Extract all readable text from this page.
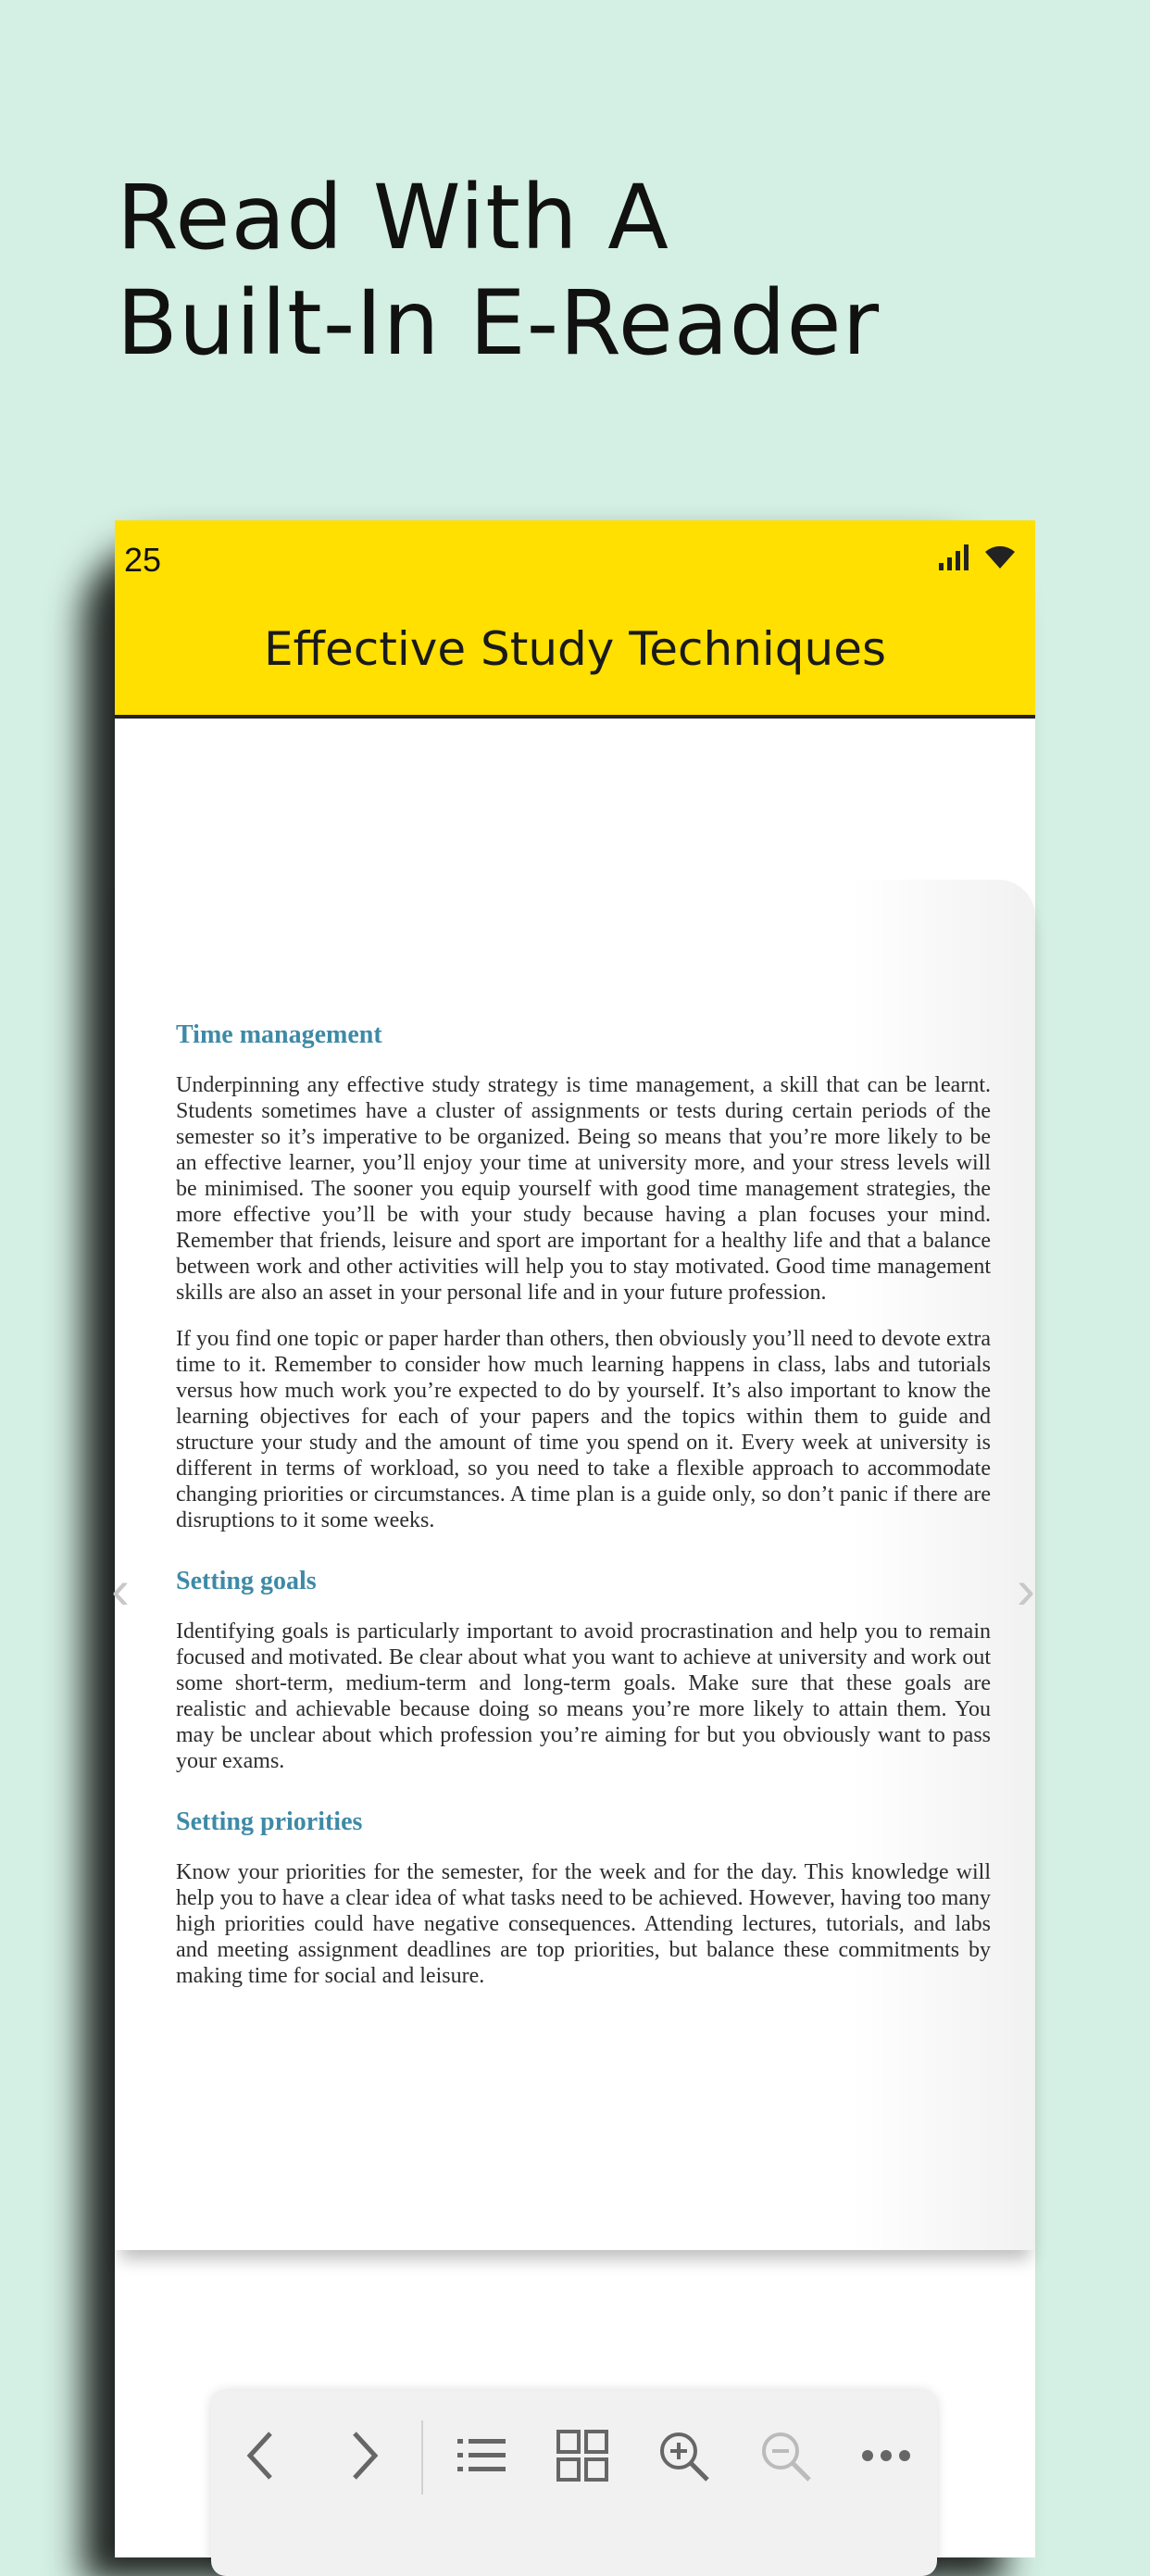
Read With A
Built-In E-Reader
25
Effective Study Techniques
Time management

Underpinning any effective study strategy is time management, a skill that can be learnt. Students sometimes have a cluster of assignments or tests during certain periods of the semester so it’s imperative to be organized. Being so means that you’re more likely to be an effective learner, you’ll enjoy your time at university more, and your stress levels will be minimised. The sooner you equip yourself with good time management strategies, the more effective you’ll be with your study because having a plan focuses your mind. Remember that friends, leisure and sport are important for a healthy life and that a balance between work and other activities will help you to stay motivated. Good time management skills are also an asset in your personal life and in your future profession.

If you find one topic or paper harder than others, then obviously you’ll need to devote extra time to it. Remember to consider how much learning happens in class, labs and tutorials versus how much work you’re expected to do by yourself. It’s also important to know the learning objectives for each of your papers and the topics within them to guide and structure your study and the amount of time you spend on it. Every week at university is different in terms of workload, so you need to take a flexible approach to accommodate changing priorities or circumstances. A time plan is a guide only, so don’t panic if there are disruptions to it some weeks.

Setting goals

Identifying goals is particularly important to avoid procrastination and help you to remain focused and motivated. Be clear about what you want to achieve at university and work out some short-term, medium-term and long-term goals. Make sure that these goals are realistic and achievable because doing so means you’re more likely to attain them. You may be unclear about which profession you’re aiming for but you obviously want to pass your exams.

Setting priorities

Know your priorities for the semester, for the week and for the day. This knowledge will help you to have a clear idea of what tasks need to be achieved. However, having too many high priorities could have negative consequences. Attending lectures, tutorials, and labs and meeting assignment deadlines are top priorities, but balance these commitments by making time for social and leisure.

‹	›
